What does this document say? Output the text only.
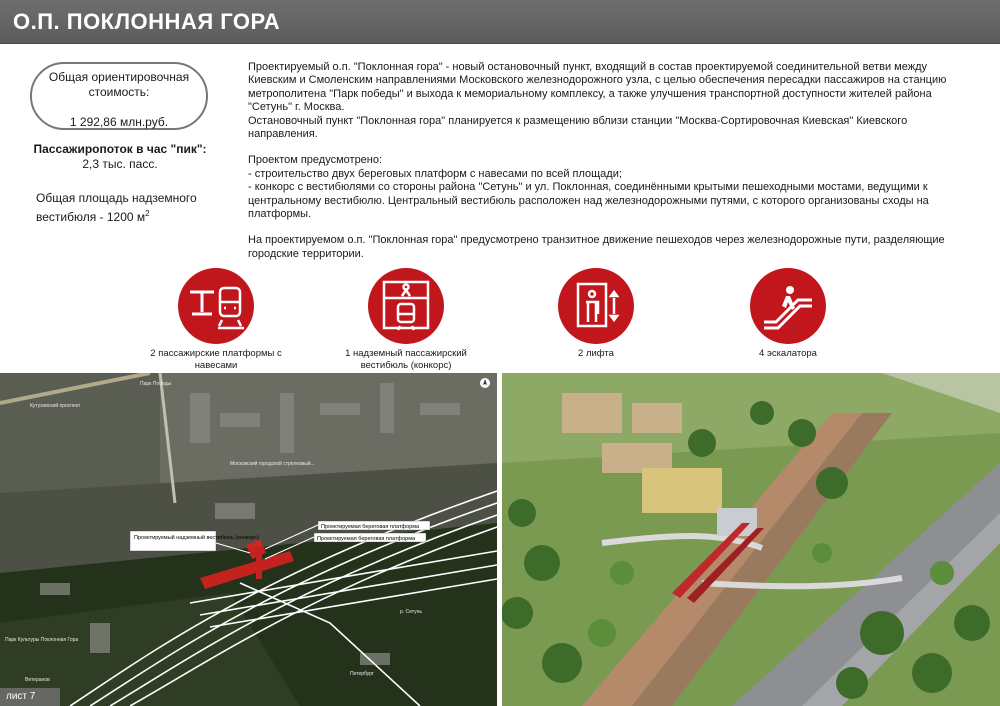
О.П. ПОКЛОННАЯ ГОРА
Общая ориентировочная стоимость:
1 292,86 млн.руб.
Пассажиропоток в час "пик":
2,3 тыс. пасс.
Общая площадь надземного вестибюля - 1200 $м^2$

Проектируемый о.п. "Поклонная гора" - новый остановочный пункт, входящий в состав проектируемой соединительной ветви между Киевским и Смоленским направлениями Московского железнодорожного узла, с целью обеспечения пересадки пассажиров на станцию метрополитена "Парк победы" и выхода к мемориальному комплексу, а также улучшения транспортной доступности жителей района "Сетунь" г. Москва.

Остановочный пункт "Поклонная гора" планируется к размещению вблизи станции "Москва-Сортировочная Киевская" Киевского направления.

Проектом предусмотрено:

- строительство двух береговых платформ с навесами по всей площади;

- конкорс с вестибюлями со стороны района "Сетунь" и ул. Поклонная, соединёнными крытыми пешеходными мостами, ведущими к центральному вестибюлю. Центральный вестибюль расположен над железнодорожными путями, с которого организованы сходы на платформы.

На проектируемом о.п. "Поклонная гора" предусмотрено транзитное движение пешеходов через железнодорожные пути, разделяющие городские территории.

2 пассажирские платформы с навесами
1 надземный пассажирский вестибюль (конкорс)
2 лифта	4 эскалатора
Проектируемый надземный вестибюль (конкорс)
Проектируемая береговая платформа
Проектируемая береговая платформа
Парк Победы
Кутузовский проспект
Московский городской стрелковый...
р. Сетунь
Парк Культуры Поклонная Гора
Ветеранов
Петербург
лист 7
